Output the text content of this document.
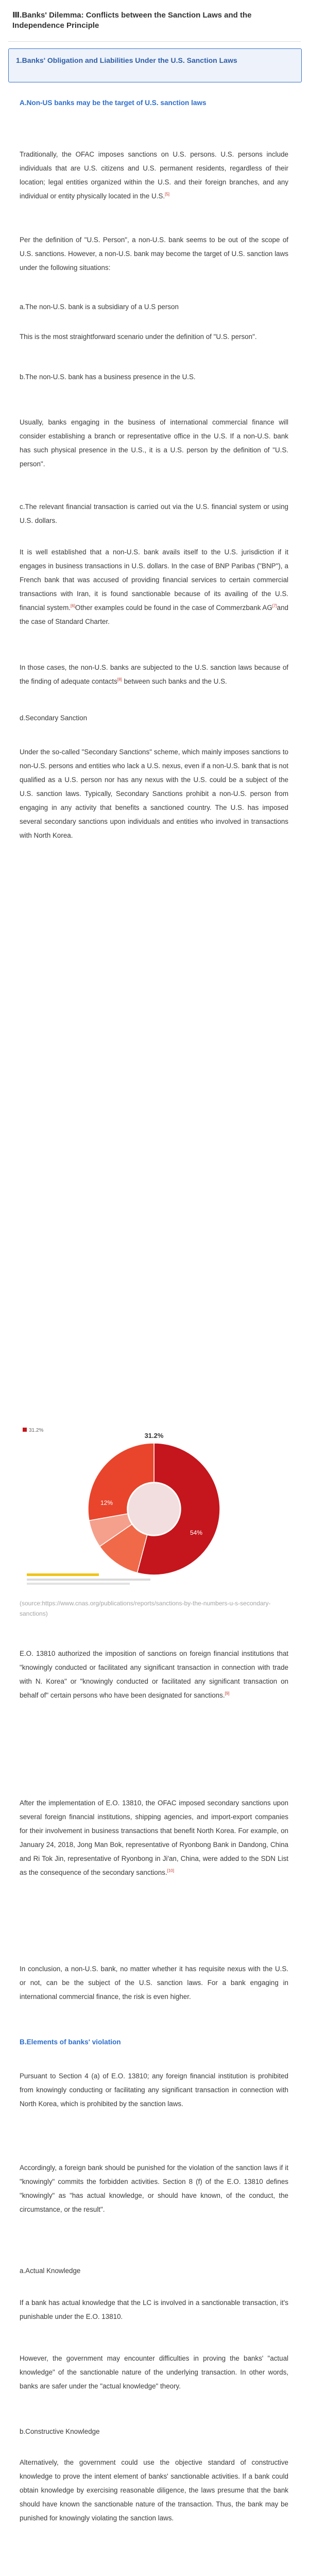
Ⅲ.Banks' Dilemma: Conflicts between the Sanction Laws and the Independence Principle
1.Banks' Obligation and Liabilities Under the U.S. Sanction Laws

A.Non-US banks may be the target of U.S. sanction laws

Traditionally, the OFAC imposes sanctions on U.S. persons. U.S. persons include individuals that are U.S. citizens and U.S. permanent residents, regardless of their location; legal entities organized within the U.S. and their foreign branches, and any individual or entity physically located in the U.S.[5]

Per the definition of "U.S. Person", a non-U.S. bank seems to be out of the scope of U.S. sanctions. However, a non-U.S. bank may become the target of U.S. sanction laws under the following situations:

a.The non-U.S. bank is a subsidiary of a U.S person

This is the most straightforward scenario under the definition of "U.S. person".

b.The non-U.S. bank has a business presence in the U.S.

Usually, banks engaging in the business of international commercial finance will consider establishing a branch or representative office in the U.S. If a non-U.S. bank has such physical presence in the U.S., it is a U.S. person by the definition of "U.S. person".

c.The relevant financial transaction is carried out via the U.S. financial system or using U.S. dollars.

It is well established that a non-U.S. bank avails itself to the U.S. jurisdiction if it engages in business transactions in U.S. dollars. In the case of BNP Paribas ("BNP"), a French bank that was accused of providing financial services to certain commercial transactions with Iran, it is found sanctionable because of its availing of the U.S. financial system.[6]Other examples could be found in the case of Commerzbank AG[7]and the case of Standard Charter.

In those cases, the non-U.S. banks are subjected to the U.S. sanction laws because of the finding of adequate contacts[8] between such banks and the U.S.

d.Secondary Sanction

Under the so-called "Secondary Sanctions" scheme, which mainly imposes sanctions to non-U.S. persons and entities who lack a U.S. nexus, even if a non-U.S. bank that is not qualified as a U.S. person nor has any nexus with the U.S. could be a subject of the U.S. sanction laws. Typically, Secondary Sanctions prohibit a non-U.S. person from engaging in any activity that benefits a sanctioned country. The U.S. has imposed several secondary sanctions upon individuals and entities who involved in transactions with North Korea.

31.2%
31.2%
12%
54%

(source:https://www.cnas.org/publications/reports/sanctions-by-the-numbers-u-s-secondary-sanctions)

E.O. 13810 authorized the imposition of sanctions on foreign financial institutions that "knowingly conducted or facilitated any significant transaction in connection with trade with N. Korea" or "knowingly conducted or facilitated any significant transaction on behalf of" certain persons who have been designated for sanctions.[9]

After the implementation of E.O. 13810, the OFAC imposed secondary sanctions upon several foreign financial institutions, shipping agencies, and import-export companies for their involvement in business transactions that benefit North Korea. For example, on January 24, 2018, Jong Man Bok, representative of Ryonbong Bank in Dandong, China and Ri Tok Jin, representative of Ryonbong in Ji'an, China, were added to the SDN List as the consequence of the secondary sanctions.[10]

In conclusion, a non-U.S. bank, no matter whether it has requisite nexus with the U.S. or not, can be the subject of the U.S. sanction laws. For a bank engaging in international commercial finance, the risk is even higher.

B.Elements of banks' violation

Pursuant to Section 4 (a) of E.O. 13810; any foreign financial institution is prohibited from knowingly conducting or facilitating any significant transaction in connection with North Korea, which is prohibited by the sanction laws.

Accordingly, a foreign bank should be punished for the violation of the sanction laws if it "knowingly" commits the forbidden activities. Section 8 (f) of the E.O. 13810 defines "knowingly" as "has actual knowledge, or should have known, of the conduct, the circumstance, or the result".

a.Actual Knowledge

If a bank has actual knowledge that the LC is involved in a sanctionable transaction, it's punishable under the E.O. 13810.

However, the government may encounter difficulties in proving the banks' "actual knowledge" of the sanctionable nature of the underlying transaction. In other words, banks are safer under the "actual knowledge" theory.

b.Constructive Knowledge

Alternatively, the government could use the objective standard of constructive knowledge to prove the intent element of banks' sanctionable activities. If a bank could obtain knowledge by exercising reasonable diligence, the laws presume that the bank should have known the sanctionable nature of the transaction. Thus, the bank may be punished for knowingly violating the sanction laws.
